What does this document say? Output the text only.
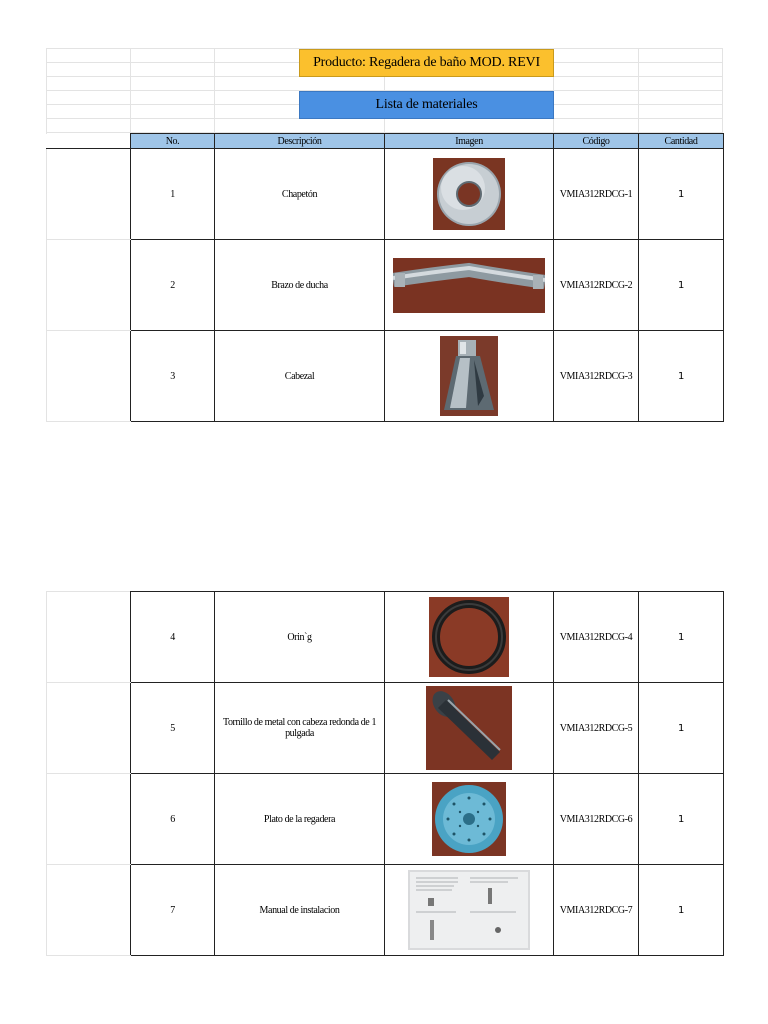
Producto: Regadera de baño MOD. REVI
Lista de materiales
	No.	Descripción	Imagen	Código	Cantidad
	1	Chapetón		VMIA312RDCG-1	1
	2	Brazo de ducha		VMIA312RDCG-2	1
	3	Cabezal		VMIA312RDCG-3	1
	4	Orin`g		VMIA312RDCG-4	1
	5	Tornillo de metal con cabeza redonda de 1 pulgada		VMIA312RDCG-5	1
	6	Plato de la regadera		VMIA312RDCG-6	1
	7	Manual de instalacion		VMIA312RDCG-7	1
